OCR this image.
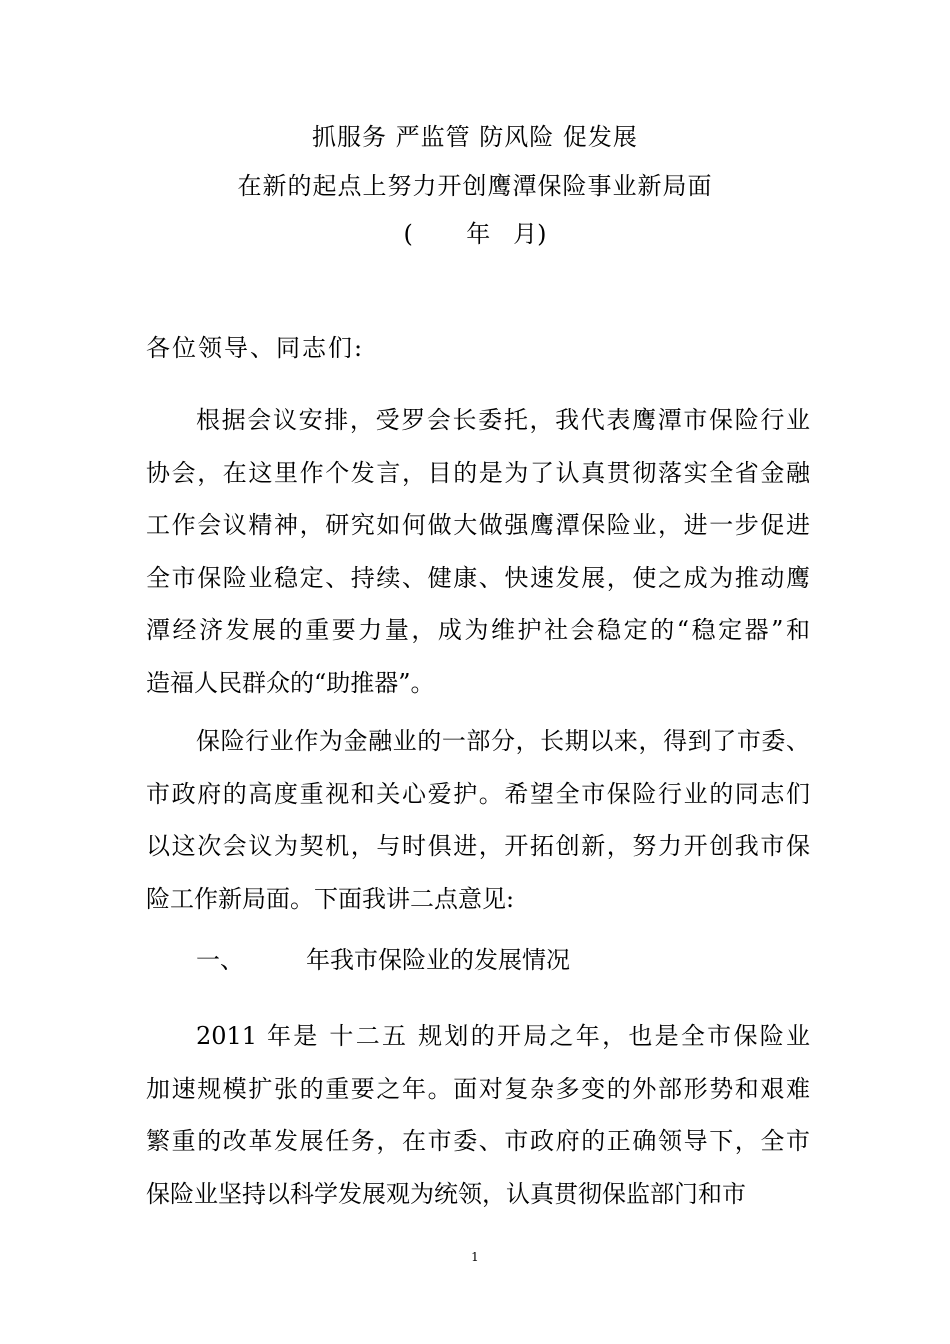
抓服务 严监管 防风险 促发展
在新的起点上努力开创鹰潭保险事业新局面
(       年   月)
各位领导、同志们:
根据会议安排，受罗会长委托，我代表鹰潭市保险行业
协会，在这里作个发言，目的是为了认真贯彻落实全省金融
工作会议精神，研究如何做大做强鹰潭保险业，进一步促进
全市保险业稳定、持续、健康、快速发展，使之成为推动鹰
潭经济发展的重要力量，成为维护社会稳定的“稳定器”和
造福人民群众的“助推器”。
保险行业作为金融业的一部分，长期以来，得到了市委、
市政府的高度重视和关心爱护。希望全市保险行业的同志们
以这次会议为契机，与时俱进，开拓创新，努力开创我市保
险工作新局面。下面我讲二点意见:
一、	年我市保险业的发展情况
2011 年是 十二五 规划的开局之年，也是全市保险业
加速规模扩张的重要之年。面对复杂多变的外部形势和艰难
繁重的改革发展任务，在市委、市政府的正确领导下，全市
保险业坚持以科学发展观为统领，认真贯彻保监部门和市
1
